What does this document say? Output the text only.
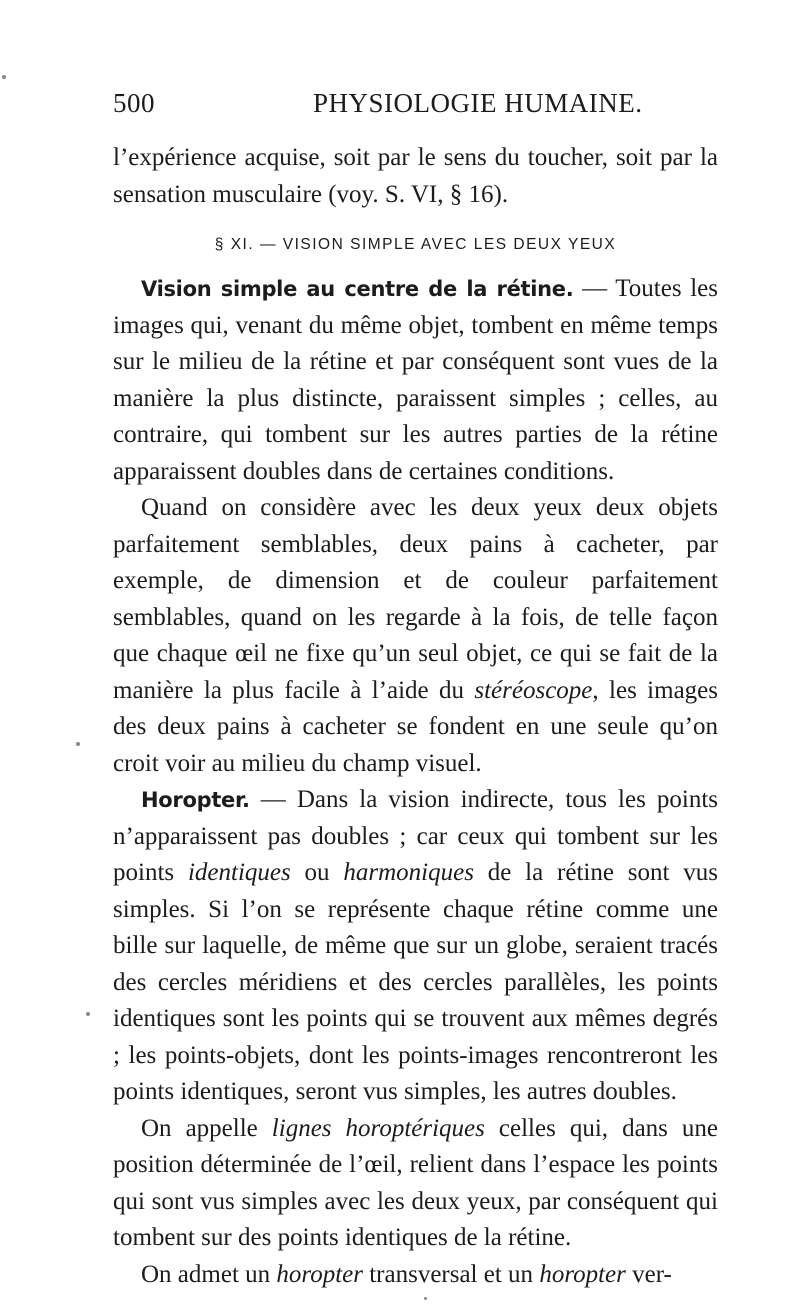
500	PHYSIOLOGIE HUMAINE.

l’expérience acquise, soit par le sens du toucher, soit par la sensation musculaire (voy. S. VI, § 16).

§ XI. — VISION SIMPLE AVEC LES DEUX YEUX

Vision simple au centre de la rétine. — Toutes les images qui, venant du même objet, tombent en même temps sur le milieu de la rétine et par conséquent sont vues de la manière la plus distincte, paraissent simples ; celles, au contraire, qui tombent sur les autres parties de la rétine apparaissent doubles dans de certaines conditions.

Quand on considère avec les deux yeux deux objets parfaitement semblables, deux pains à cacheter, par exemple, de dimension et de couleur parfaitement semblables, quand on les regarde à la fois, de telle façon que chaque œil ne fixe qu’un seul objet, ce qui se fait de la manière la plus facile à l’aide du stéréoscope, les images des deux pains à cacheter se fondent en une seule qu’on croit voir au milieu du champ visuel.

Horopter. — Dans la vision indirecte, tous les points n’apparaissent pas doubles ; car ceux qui tombent sur les points identiques ou harmoniques de la rétine sont vus simples. Si l’on se représente chaque rétine comme une bille sur laquelle, de même que sur un globe, seraient tracés des cercles méridiens et des cercles parallèles, les points identiques sont les points qui se trouvent aux mêmes degrés ; les points-objets, dont les points-images rencontreront les points identiques, seront vus simples, les autres doubles.

On appelle lignes horoptériques celles qui, dans une position déterminée de l’œil, relient dans l’espace les points qui sont vus simples avec les deux yeux, par conséquent qui tombent sur des points identiques de la rétine.

On admet un horopter transversal et un horopter ver-
